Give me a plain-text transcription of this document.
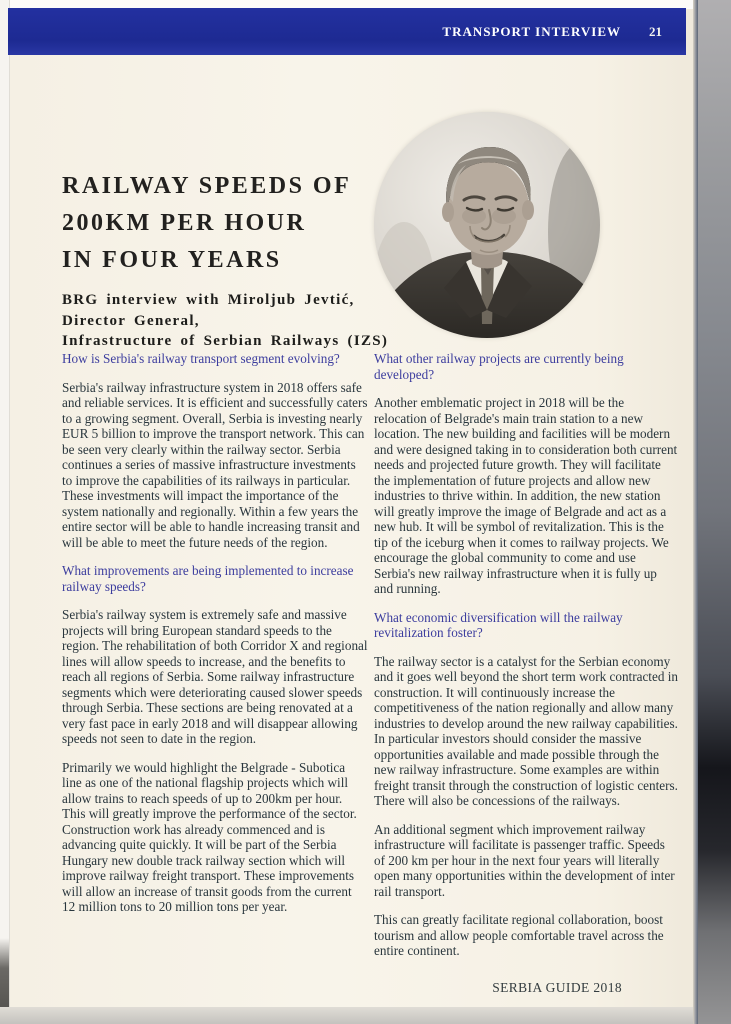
TRANSPORT INTERVIEW 21
RAILWAY SPEEDS OF
200KM PER HOUR
IN FOUR YEARS
BRG interview with Miroljub Jevtić,
Director General,
Infrastructure of Serbian Railways (IZS)

How is Serbia's railway transport segment evolving?

Serbia's railway infrastructure system in 2018 offers safe and reliable services. It is efficient and successfully caters to a growing segment. Overall, Serbia is investing nearly EUR 5 billion to improve the transport network. This can be seen very clearly within the railway sector. Serbia continues a series of massive infrastructure investments to improve the capabilities of its railways in particular. These investments will impact the importance of the system nationally and regionally. Within a few years the entire sector will be able to handle increasing transit and will be able to meet the future needs of the region.

What improvements are being implemented to increase railway speeds?

Serbia's railway system is extremely safe and massive projects will bring European standard speeds to the region. The rehabilitation of both Corridor X and regional lines will allow speeds to increase, and the benefits to reach all regions of Serbia. Some railway infrastructure segments which were deteriorating caused slower speeds through Serbia. These sections are being renovated at a very fast pace in early 2018 and will disappear allowing speeds not seen to date in the region.

Primarily we would highlight the Belgrade - Subotica line as one of the national flagship projects which will allow trains to reach speeds of up to 200km per hour. This will greatly improve the performance of the sector. Construction work has already commenced and is advancing quite quickly. It will be part of the Serbia Hungary new double track railway section which will improve railway freight transport. These improvements will allow an increase of transit goods from the current 12 million tons to 20 million tons per year.

What other railway projects are currently being developed?

Another emblematic project in 2018 will be the relocation of Belgrade's main train station to a new location. The new building and facilities will be modern and were designed taking in to consideration both current needs and projected future growth. They will facilitate the implementation of future projects and allow new industries to thrive within. In addition, the new station will greatly improve the image of Belgrade and act as a new hub. It will be symbol of revitalization. This is the tip of the iceburg when it comes to railway projects. We encourage the global community to come and use Serbia's new railway infrastructure when it is fully up and running.

What economic diversification will the railway revitalization foster?

The railway sector is a catalyst for the Serbian economy and it goes well beyond the short term work contracted in construction. It will continuously increase the competitiveness of the nation regionally and allow many industries to develop around the new railway capabilities. In particular investors should consider the massive opportunities available and made possible through the new railway infrastructure. Some examples are within freight transit through the construction of logistic centers. There will also be concessions of the railways.

An additional segment which improvement railway infrastructure will facilitate is passenger traffic. Speeds of 200 km per hour in the next four years will literally open many opportunities within the development of inter rail transport.

This can greatly facilitate regional collaboration, boost tourism and allow people comfortable travel across the entire continent.

SERBIA GUIDE 2018
